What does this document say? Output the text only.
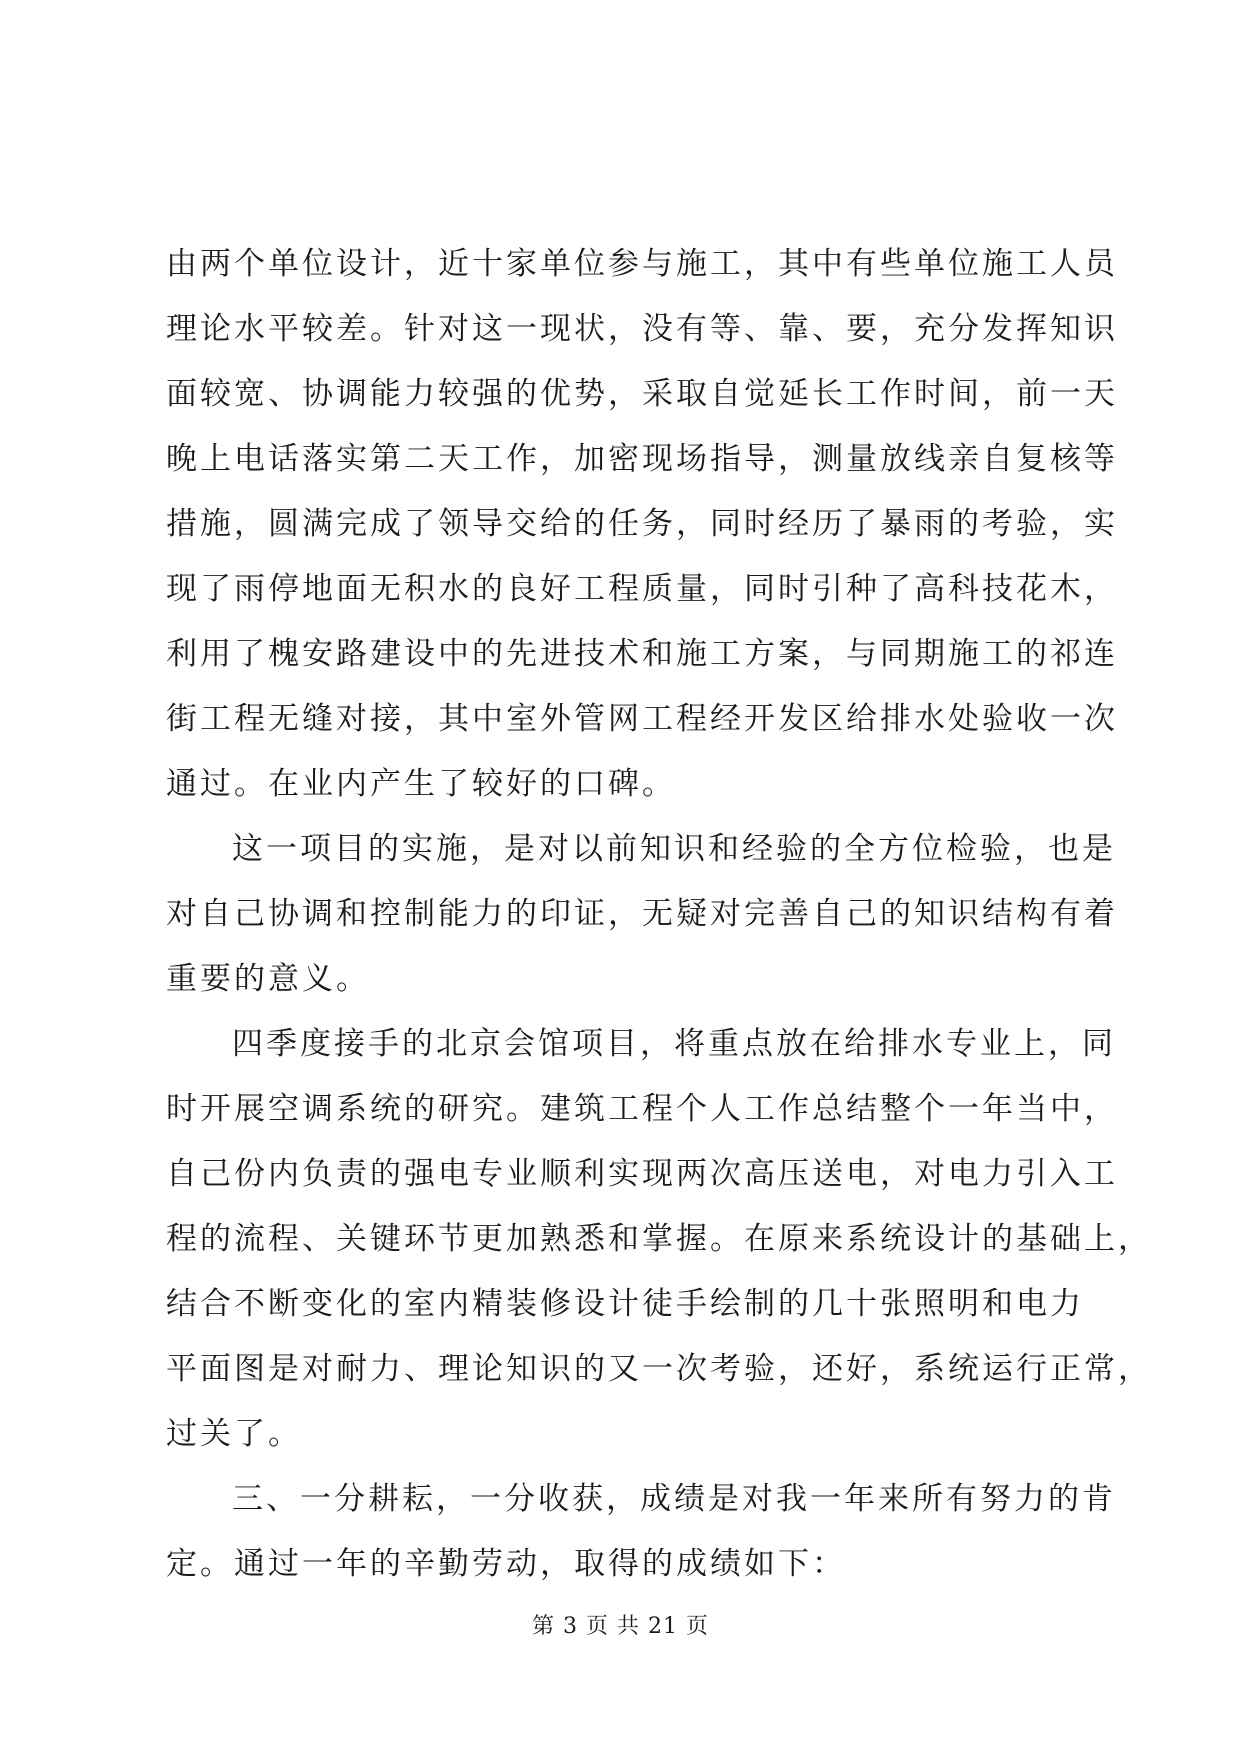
由两个单位设计，近十家单位参与施工，其中有些单位施工人员
理论水平较差。针对这一现状，没有等、靠、要，充分发挥知识
面较宽、协调能力较强的优势，采取自觉延长工作时间，前一天
晚上电话落实第二天工作，加密现场指导，测量放线亲自复核等
措施，圆满完成了领导交给的任务，同时经历了暴雨的考验，实
现了雨停地面无积水的良好工程质量，同时引种了高科技花木，
利用了槐安路建设中的先进技术和施工方案，与同期施工的祁连
街工程无缝对接，其中室外管网工程经开发区给排水处验收一次
通过。在业内产生了较好的口碑。

这一项目的实施，是对以前知识和经验的全方位检验，也是
对自己协调和控制能力的印证，无疑对完善自己的知识结构有着
重要的意义。

四季度接手的北京会馆项目，将重点放在给排水专业上，同
时开展空调系统的研究。建筑工程个人工作总结整个一年当中，
自己份内负责的强电专业顺利实现两次高压送电，对电力引入工
程的流程、关键环节更加熟悉和掌握。在原来系统设计的基础上，
结合不断变化的室内精装修设计徒手绘制的几十张照明和电力
平面图是对耐力、理论知识的又一次考验，还好，系统运行正常，
过关了。

三、一分耕耘，一分收获，成绩是对我一年来所有努力的肯
定。通过一年的辛勤劳动，取得的成绩如下：

第 3 页 共 21 页
